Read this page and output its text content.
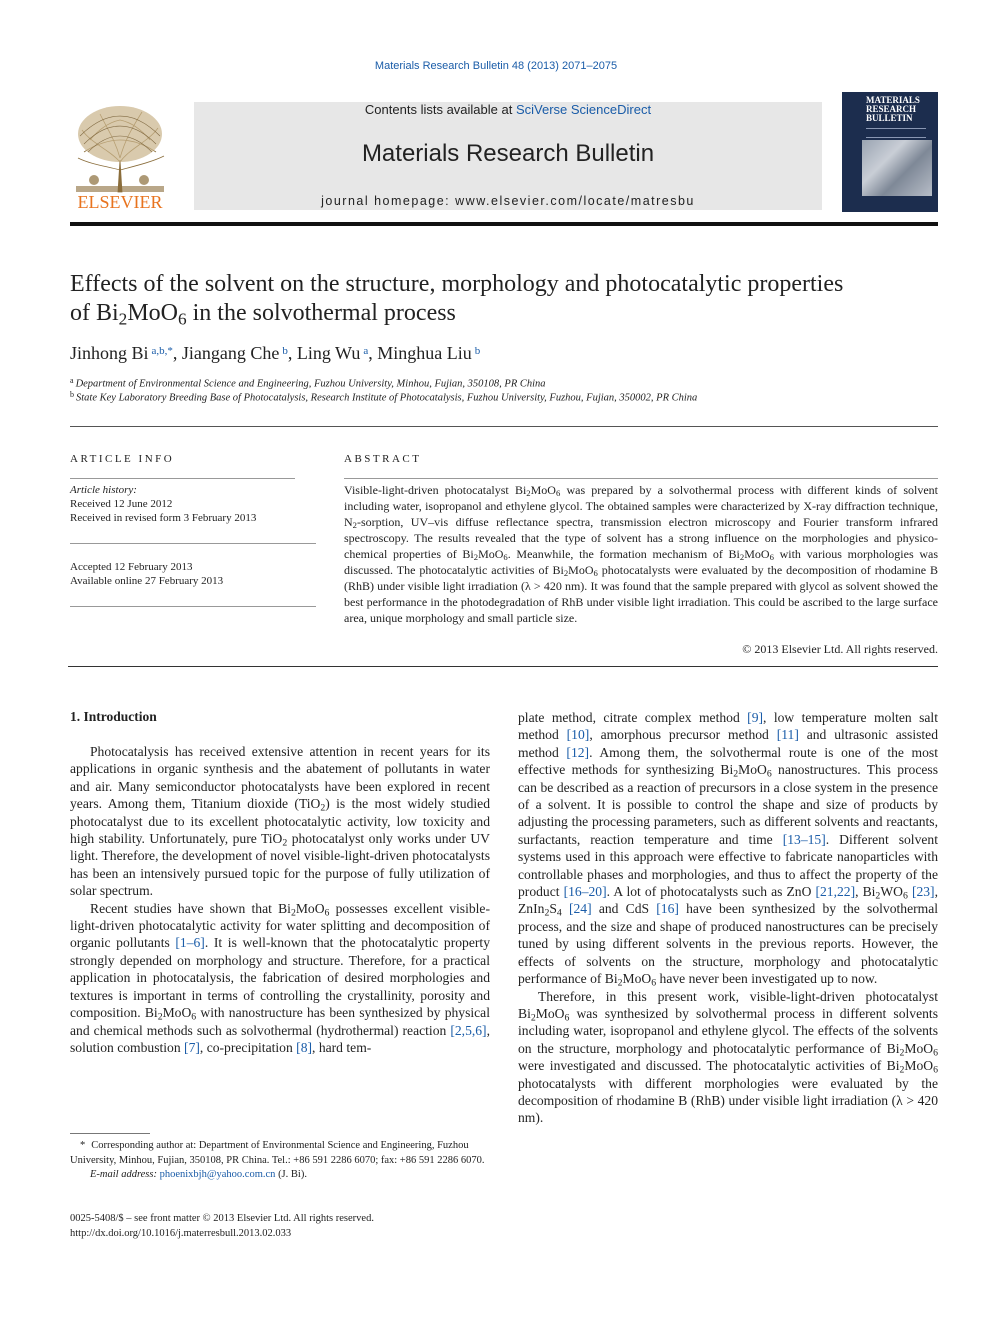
Materials Research Bulletin 48 (2013) 2071–2075
ELSEVIER
Contents lists available at SciVerse ScienceDirect
Materials Research Bulletin
journal homepage: www.elsevier.com/locate/matresbu
MATERIALS
RESEARCH
BULLETIN
Effects of the solvent on the structure, morphology and photocatalytic properties
of $Bi_2MoO_6$ in the solvothermal process
Jinhong Bi $^{a,b,*}$, Jiangang Che $^b$, Ling Wu $^a$, Minghua Liu $^b$
$^a$ Department of Environmental Science and Engineering, Fuzhou University, Minhou, Fujian, 350108, PR China
$^b$ State Key Laboratory Breeding Base of Photocatalysis, Research Institute of Photocatalysis, Fuzhou University, Fuzhou, Fujian, 350002, PR China
ARTICLE INFO
Article history:
Received 12 June 2012
Received in revised form 3 February 2013
Accepted 12 February 2013
Available online 27 February 2013
ABSTRACT
Visible-light-driven photocatalyst $Bi_2MoO_6$ was prepared by a solvothermal process with different kinds of solvent including water, isopropanol and ethylene glycol. The obtained samples were characterized by X-ray diffraction technique, $N_2$-sorption, UV–vis diffuse reflectance spectra, transmission electron microscopy and Fourier transform infrared spectroscopy. The results revealed that the type of solvent has a strong influence on the morphologies and physico-chemical properties of $Bi_2MoO_6$. Meanwhile, the formation mechanism of $Bi_2MoO_6$ with various morphologies was discussed. The photocatalytic activities of $Bi_2MoO_6$ photocatalysts were evaluated by the decomposition of rhodamine B (RhB) under visible light irradiation (λ > 420 nm). It was found that the sample prepared with glycol as solvent showed the best performance in the photodegradation of RhB under visible light irradiation. This could be ascribed to the large surface area, unique morphology and small particle size.
© 2013 Elsevier Ltd. All rights reserved.
1. Introduction

Photocatalysis has received extensive attention in recent years for its applications in organic synthesis and the abatement of pollutants in water and air. Many semiconductor photocatalysts have been explored in recent years. Among them, Titanium dioxide (TiO$_2$) is the most widely studied photocatalyst due to its excellent photocatalytic activity, low toxicity and high stability. Unfortunately, pure TiO$_2$ photocatalyst only works under UV light. Therefore, the development of novel visible-light-driven photocatalysts has been an intensively pursued topic for the purpose of fully utilization of solar spectrum.

Recent studies have shown that $Bi_2MoO_6$ possesses excellent visible-light-driven photocatalytic activity for water splitting and decomposition of organic pollutants [1–6]. It is well-known that the photocatalytic property strongly depended on morphology and structure. Therefore, for a practical application in photocatalysis, the fabrication of desired morphologies and textures is important in terms of controlling the crystallinity, porosity and composition. $Bi_2MoO_6$ with nanostructure has been synthesized by physical and chemical methods such as solvothermal (hydrothermal) reaction [2,5,6], solution combustion [7], co-precipitation [8], hard tem-

* Corresponding author at: Department of Environmental Science and Engineering, Fuzhou University, Minhou, Fujian, 350108, PR China. Tel.: +86 591 2286 6070; fax: +86 591 2286 6070.
E-mail address: phoenixbjh@yahoo.com.cn (J. Bi).
0025-5408/$ – see front matter © 2013 Elsevier Ltd. All rights reserved.
http://dx.doi.org/10.1016/j.materresbull.2013.02.033

plate method, citrate complex method [9], low temperature molten salt method [10], amorphous precursor method [11] and ultrasonic assisted method [12]. Among them, the solvothermal route is one of the most effective methods for synthesizing $Bi_2MoO_6$ nanostructures. This process can be described as a reaction of precursors in a close system in the presence of a solvent. It is possible to control the shape and size of products by adjusting the processing parameters, such as different solvents and reactants, surfactants, reaction temperature and time [13–15]. Different solvent systems used in this approach were effective to fabricate nanoparticles with controllable phases and morphologies, and thus to affect the property of the product [16–20]. A lot of photocatalysts such as ZnO [21,22], $Bi_2WO_6$ [23], $ZnIn_2S_4$ [24] and CdS [16] have been synthesized by the solvothermal process, and the size and shape of produced nanostructures can be precisely tuned by using different solvents in the previous reports. However, the effects of solvents on the structure, morphology and photocatalytic performance of $Bi_2MoO_6$ have never been investigated up to now.

Therefore, in this present work, visible-light-driven photocatalyst $Bi_2MoO_6$ was synthesized by solvothermal process in different solvents including water, isopropanol and ethylene glycol. The effects of the solvents on the structure, morphology and photocatalytic performance of $Bi_2MoO_6$ were investigated and discussed. The photocatalytic activities of $Bi_2MoO_6$ photocatalysts with different morphologies were evaluated by the decomposition of rhodamine B (RhB) under visible light irradiation (λ > 420 nm).
